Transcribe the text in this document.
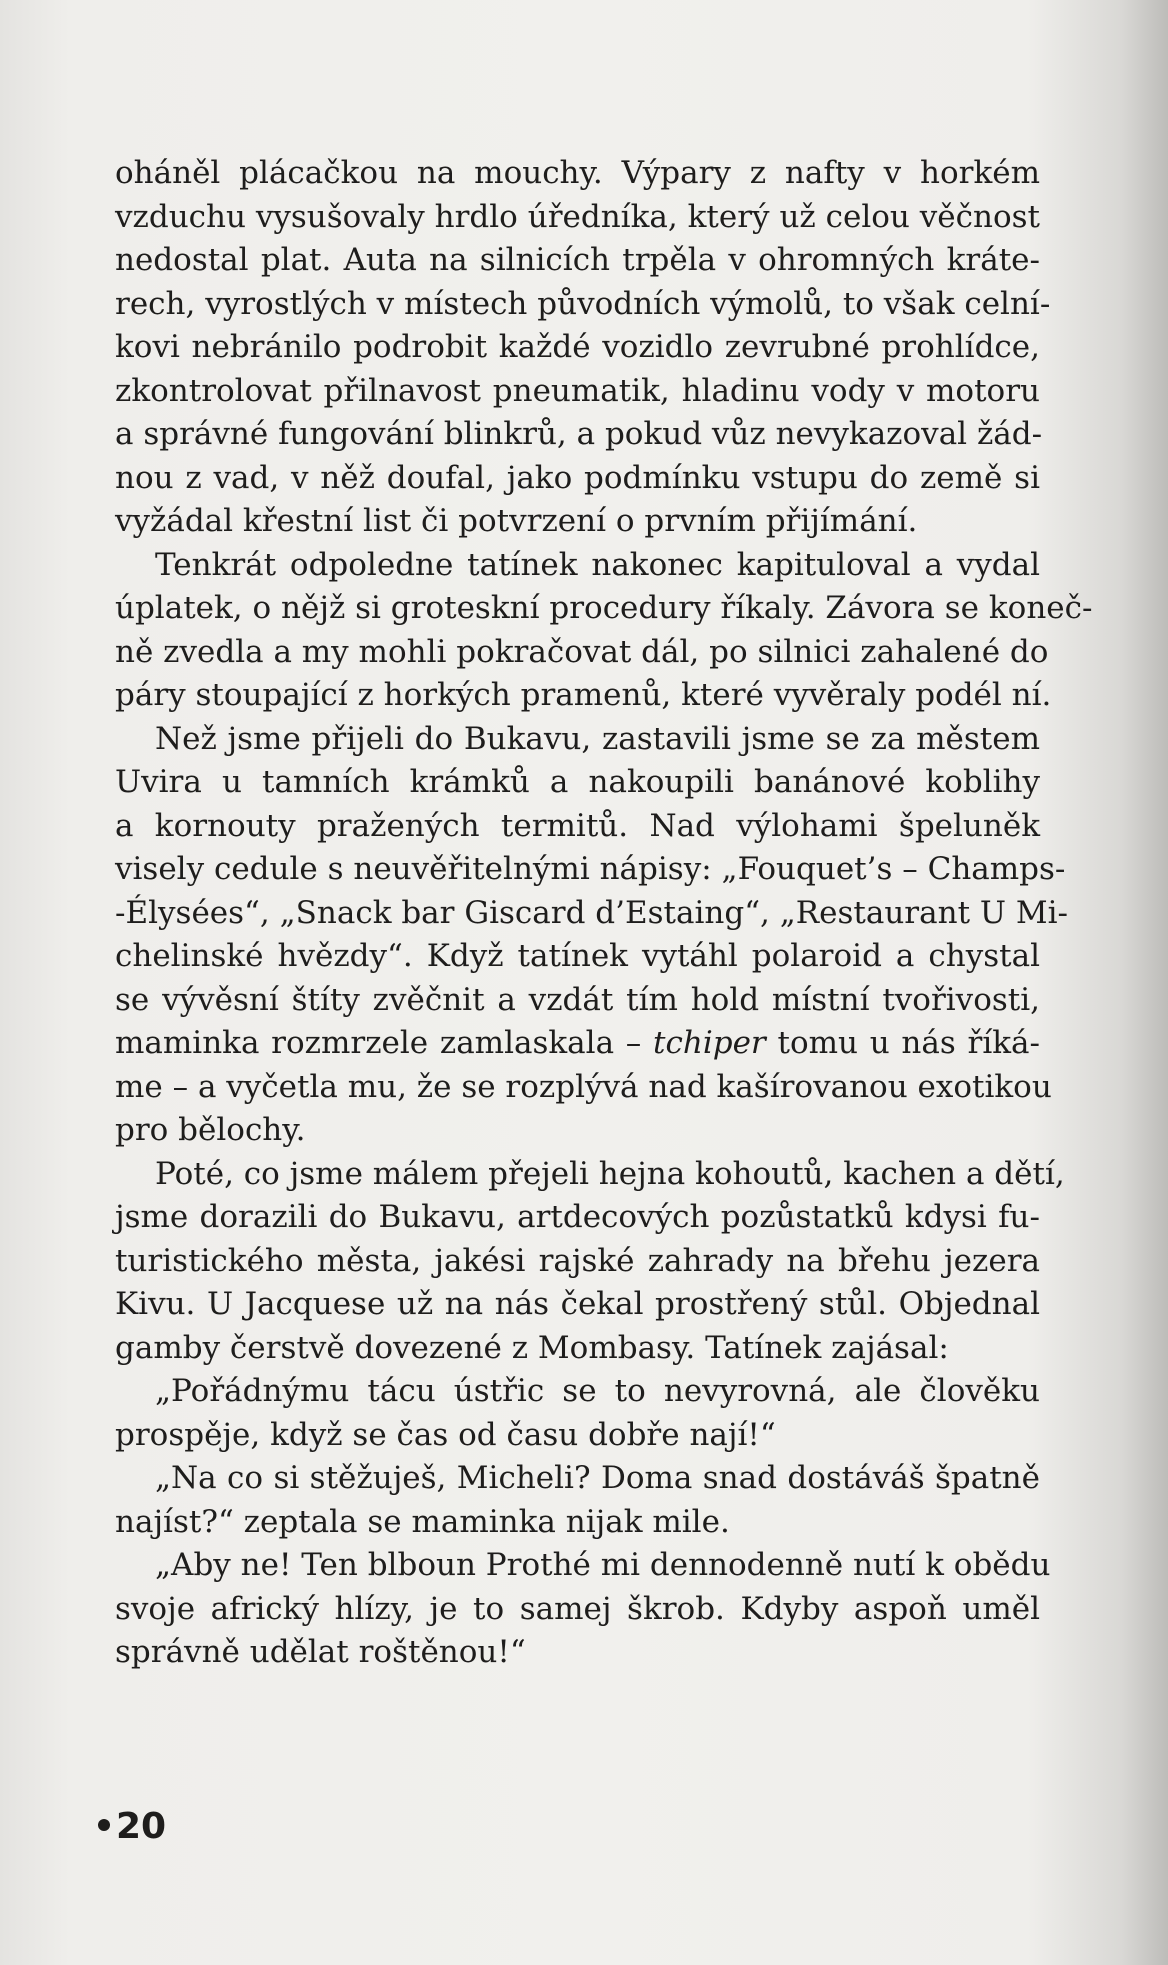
oháněl plácačkou na mouchy. Výpary z nafty v horkém
vzduchu vysušovaly hrdlo úředníka, který už celou věčnost
nedostal plat. Auta na silnicích trpěla v ohromných kráte-
rech, vyrostlých v místech původních výmolů, to však celní-
kovi nebránilo podrobit každé vozidlo zevrubné prohlídce,
zkontrolovat přilnavost pneumatik, hladinu vody v motoru
a správné fungování blinkrů, a pokud vůz nevykazoval žád-
nou z vad, v něž doufal, jako podmínku vstupu do země si
vyžádal křestní list či potvrzení o prvním přijímání.
Tenkrát odpoledne tatínek nakonec kapituloval a vydal
úplatek, o nějž si groteskní procedury říkaly. Závora se koneč-
ně zvedla a my mohli pokračovat dál, po silnici zahalené do
páry stoupající z horkých pramenů, které vyvěraly podél ní.
Než jsme přijeli do Bukavu, zastavili jsme se za městem
Uvira u tamních krámků a nakoupili banánové koblihy
a kornouty pražených termitů. Nad výlohami špeluněk
visely cedule s neuvěřitelnými nápisy: „Fouquet’s – Champs-
-Élysées“, „Snack bar Giscard d’Estaing“, „Restaurant U Mi-
chelinské hvězdy“. Když tatínek vytáhl polaroid a chystal
se vývěsní štíty zvěčnit a vzdát tím hold místní tvořivosti,
maminka rozmrzele zamlaskala – tchiper tomu u nás říká-
me – a vyčetla mu, že se rozplývá nad kašírovanou exotikou
pro bělochy.
Poté, co jsme málem přejeli hejna kohoutů, kachen a dětí,
jsme dorazili do Bukavu, artdecových pozůstatků kdysi fu-
turistického města, jakési rajské zahrady na břehu jezera
Kivu. U Jacquese už na nás čekal prostřený stůl. Objednal
gamby čerstvě dovezené z Mombasy. Tatínek zajásal:
„Pořádnýmu tácu ústřic se to nevyrovná, ale člověku
prospěje, když se čas od času dobře nají!“
„Na co si stěžuješ, Micheli? Doma snad dostáváš špatně
najíst?“ zeptala se maminka nijak mile.
„Aby ne! Ten blboun Prothé mi dennodenně nutí k obědu
svoje africký hlízy, je to samej škrob. Kdyby aspoň uměl
správně udělat roštěnou!“
20
